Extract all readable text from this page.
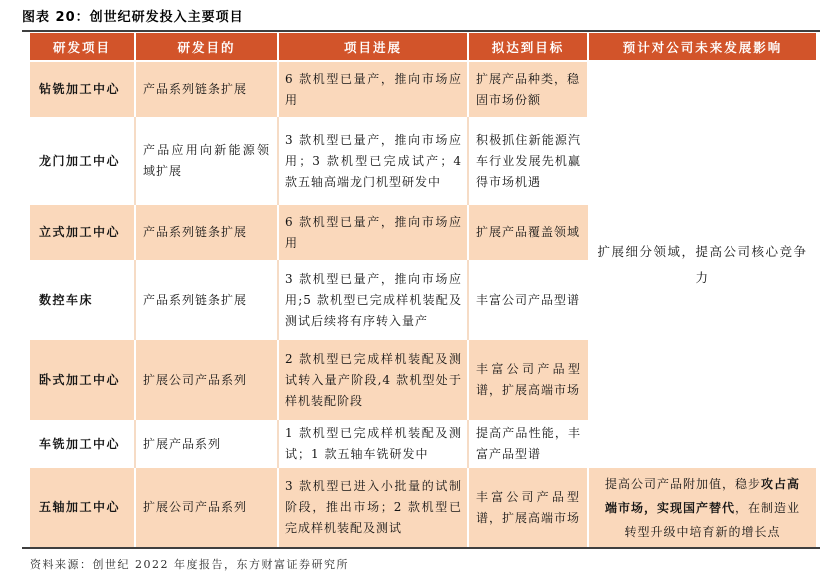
图表 20：创世纪研发投入主要项目
研发项目	研发目的	项目进展	拟达到目标	预计对公司未来发展影响
钻铣加工中心	产品系列链条扩展	6 款机型已量产，推向市场应用	扩展产品种类，稳固市场份额	扩展细分领域，提高公司核心竞争力
龙门加工中心	产品应用向新能源领域扩展	3 款机型已量产，推向市场应用；3 款机型已完成试产；4 款五轴高端龙门机型研发中	积极抓住新能源汽车行业发展先机赢得市场机遇	
立式加工中心	产品系列链条扩展	6 款机型已量产，推向市场应用	扩展产品覆盖领域	
数控车床	产品系列链条扩展	3 款机型已量产，推向市场应用;5 款机型已完成样机装配及测试后续将有序转入量产	丰富公司产品型谱	
卧式加工中心	扩展公司产品系列	2 款机型已完成样机装配及测试转入量产阶段,4 款机型处于样机装配阶段	丰富公司产品型谱，扩展高端市场	
车铣加工中心	扩展产品系列	1 款机型已完成样机装配及测试；1 款五轴车铣研发中	提高产品性能，丰富产品型谱	
五轴加工中心	扩展公司产品系列	3 款机型已进入小批量的试制阶段，推出市场；2 款机型已完成样机装配及测试	丰富公司产品型谱，扩展高端市场	提高公司产品附加值，稳步攻占高端市场，实现国产替代，在制造业转型升级中培育新的增长点
资料来源：创世纪 2022 年度报告，东方财富证券研究所
